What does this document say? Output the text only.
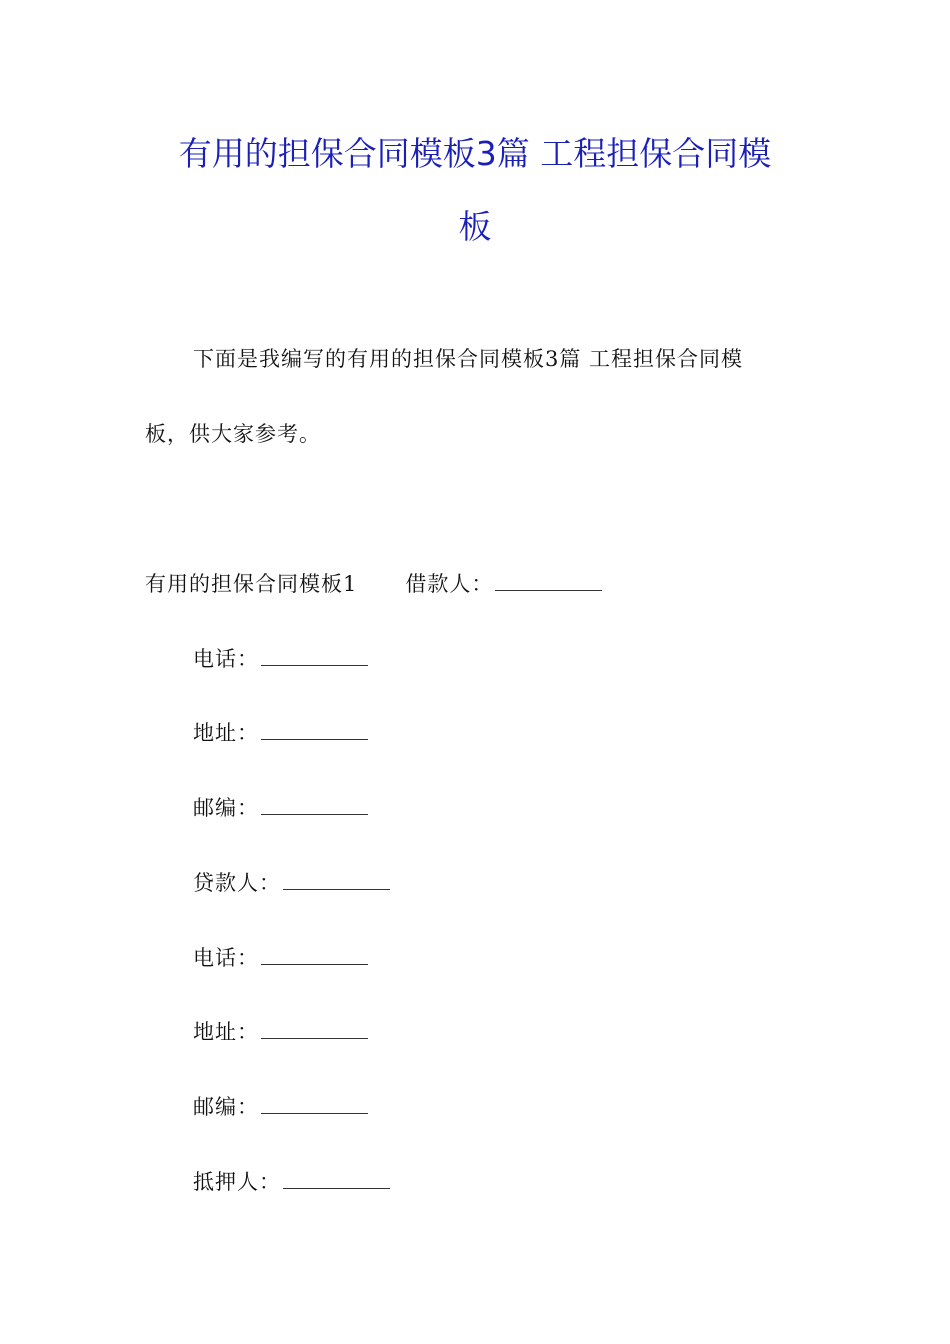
有用的担保合同模板3篇 工程担保合同模
板
下面是我编写的有用的担保合同模板3篇 工程担保合同模
板，供大家参考。
有用的担保合同模板1 借款人：
电话：
地址：
邮编：
贷款人：
电话：
地址：
邮编：
抵押人：
